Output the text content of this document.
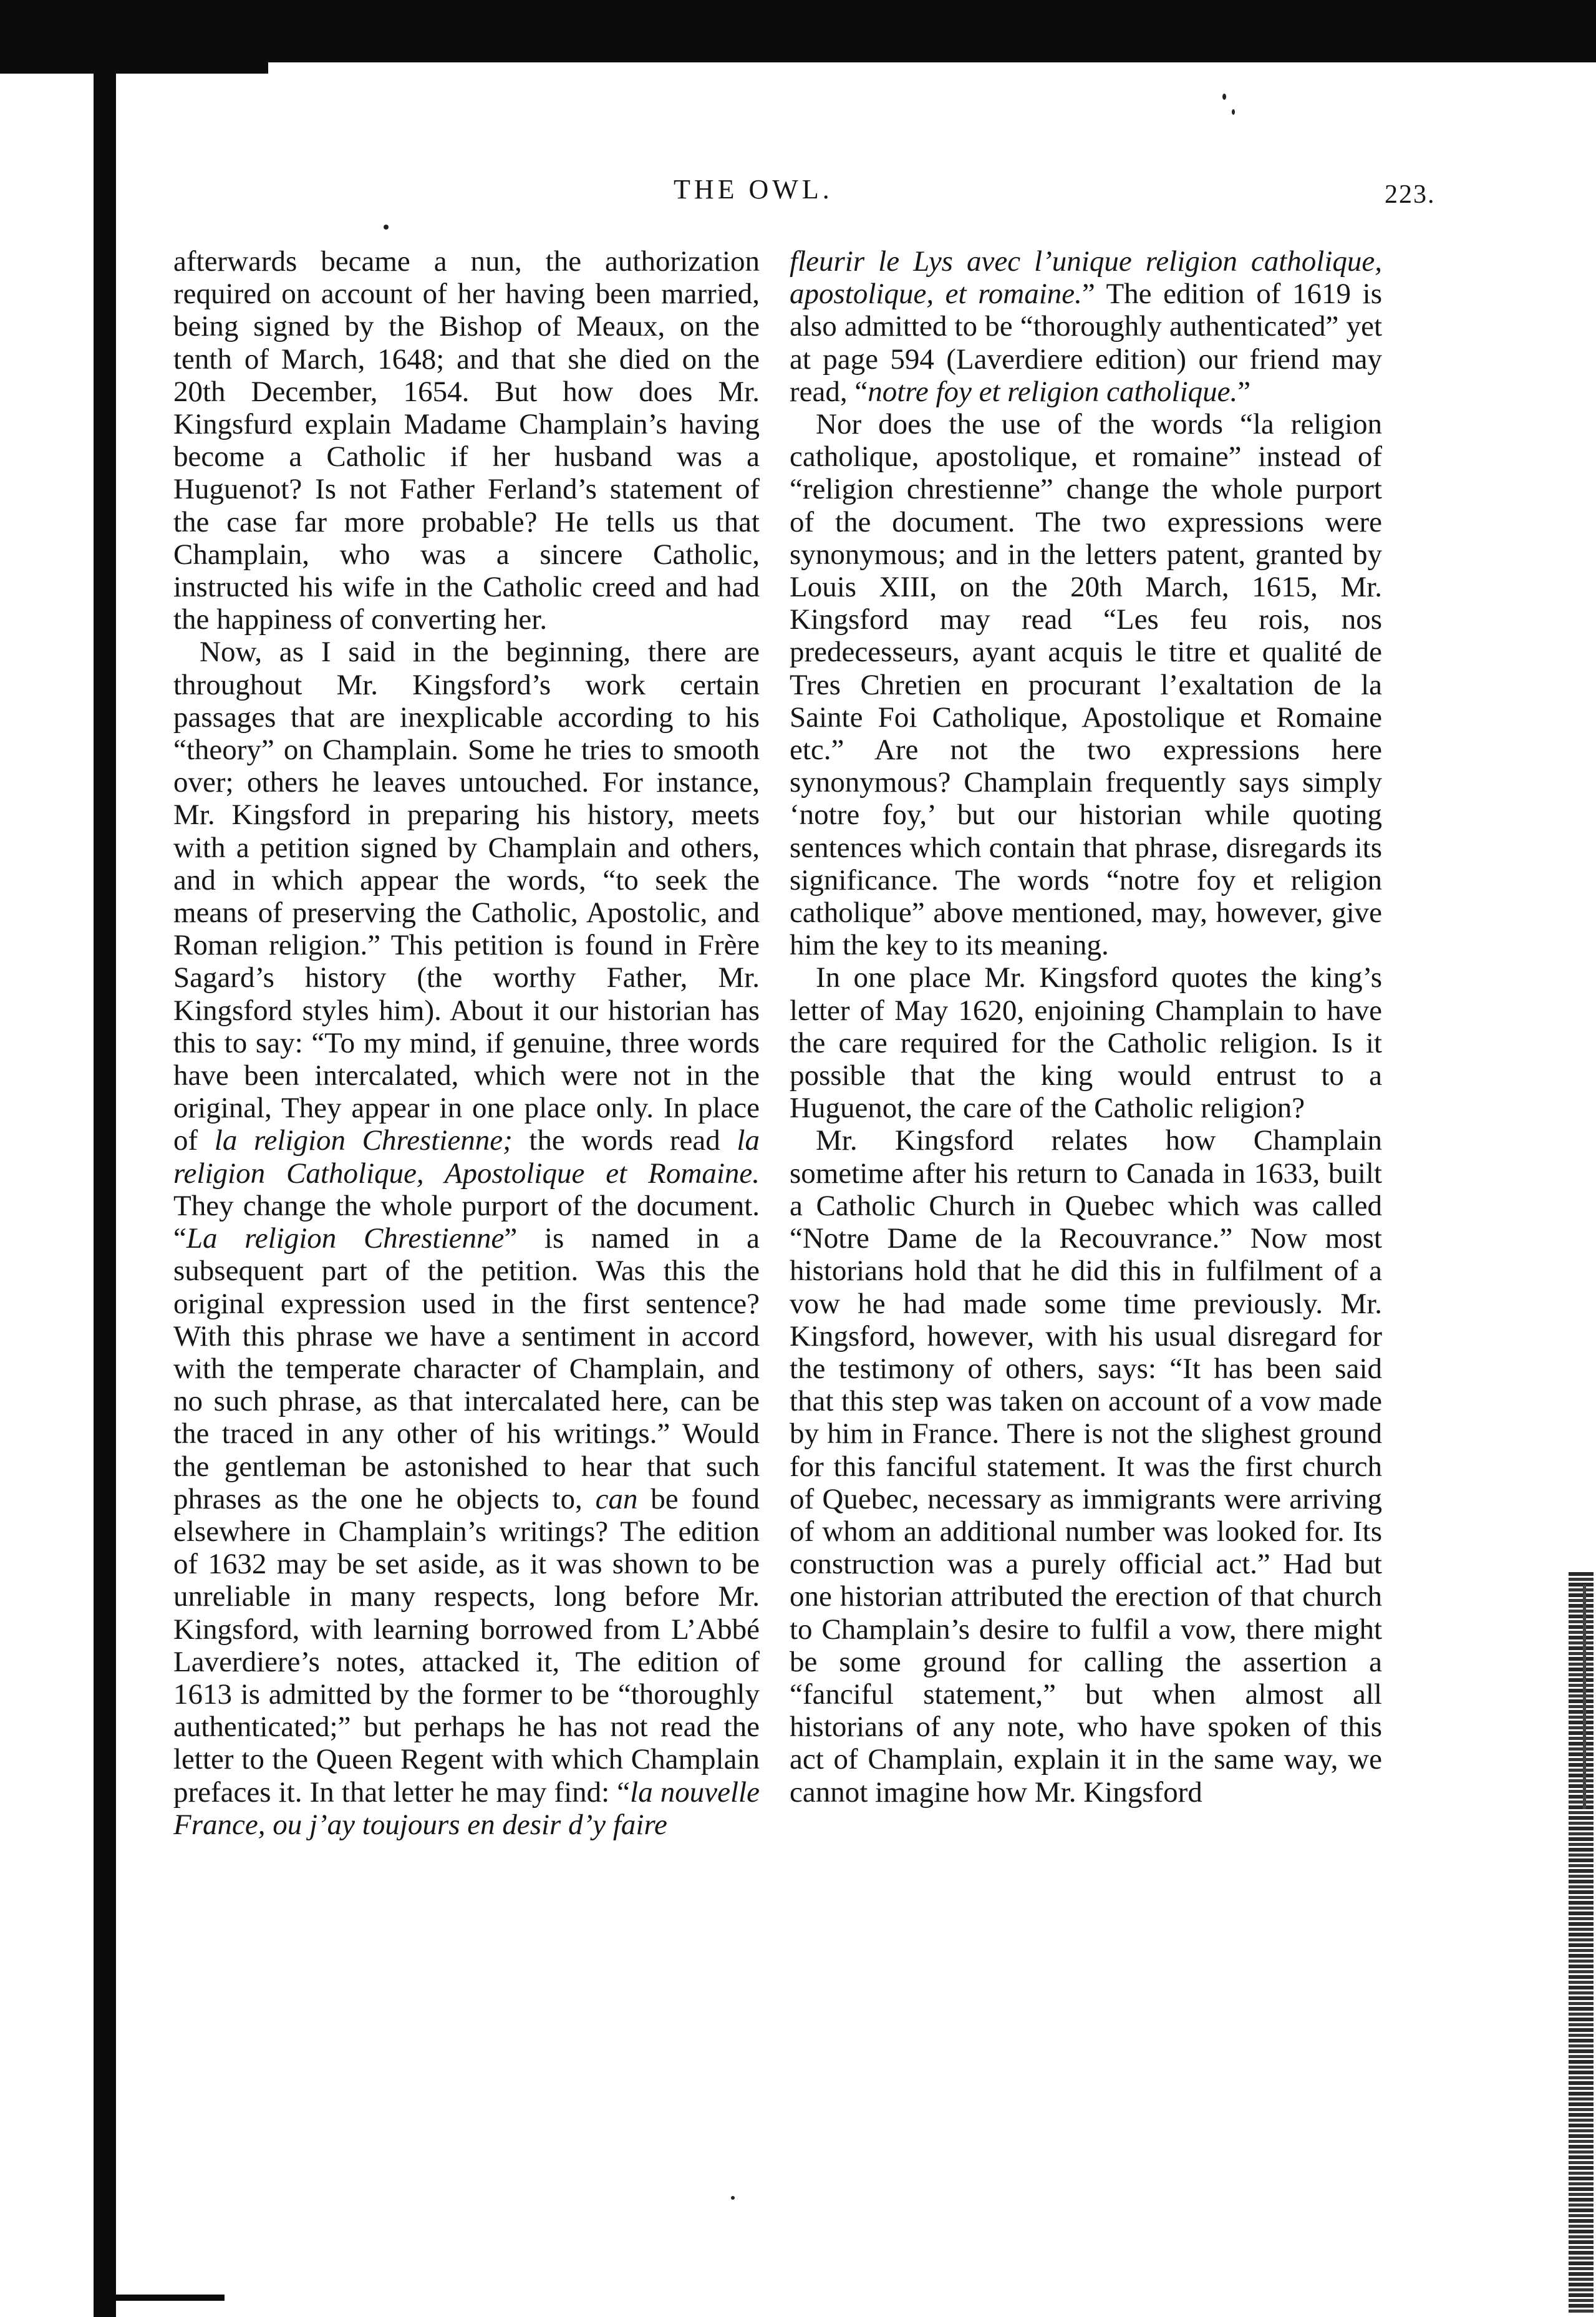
THE OWL.	223.

afterwards became a nun, the authorization required on account of her having been married, being signed by the Bishop of Meaux, on the tenth of March, 1648; and that she died on the 20th December, 1654. But how does Mr. Kingsfurd explain Madame Champlain’s having become a Catholic if her husband was a Huguenot? Is not Father Ferland’s statement of the case far more probable? He tells us that Champlain, who was a sincere Catholic, instructed his wife in the Catholic creed and had the happiness of converting her.

Now, as I said in the beginning, there are throughout Mr. Kingsford’s work certain passages that are inexplicable according to his “theory” on Champlain. Some he tries to smooth over; others he leaves untouched. For instance, Mr. Kingsford in preparing his history, meets with a petition signed by Champlain and others, and in which appear the words, “to seek the means of preserving the Catholic, Apostolic, and Roman religion.” This petition is found in Frère Sagard’s history (the worthy Father, Mr. Kingsford styles him). About it our historian has this to say: “To my mind, if genuine, three words have been intercalated, which were not in the original, They appear in one place only. In place of la religion Chrestienne; the words read la religion Catholique, Apostolique et Romaine. They change the whole purport of the document. “La religion Chrestienne” is named in a subsequent part of the petition. Was this the original expression used in the first sentence? With this phrase we have a sentiment in accord with the temperate character of Champlain, and no such phrase, as that intercalated here, can be the traced in any other of his writings.” Would the gentleman be astonished to hear that such phrases as the one he objects to, can be found elsewhere in Champlain’s writings? The edition of 1632 may be set aside, as it was shown to be unreliable in many respects, long before Mr. Kingsford, with learning borrowed from L’Abbé Laverdiere’s notes, attacked it, The edition of 1613 is admitted by the former to be “thoroughly authenticated;” but perhaps he has not read the letter to the Queen Regent with which Champlain prefaces it. In that letter he may find: “la nouvelle France, ou j’ay toujours en desir d’y faire

fleurir le Lys avec l’unique religion catholique, apostolique, et romaine.” The edition of 1619 is also admitted to be “thoroughly authenticated” yet at page 594 (Laverdiere edition) our friend may read, “notre foy et religion catholique.”

Nor does the use of the words “la religion catholique, apostolique, et romaine” instead of “religion chrestienne” change the whole purport of the document. The two expressions were synonymous; and in the letters patent, granted by Louis XIII, on the 20th March, 1615, Mr. Kingsford may read “Les feu rois, nos predecesseurs, ayant acquis le titre et qualité de Tres Chretien en procurant l’exaltation de la Sainte Foi Catholique, Apostolique et Romaine etc.” Are not the two expressions here synonymous? Champlain frequently says simply ‘notre foy,’ but our historian while quoting sentences which contain that phrase, disregards its significance. The words “notre foy et religion catholique” above mentioned, may, however, give him the key to its meaning.

In one place Mr. Kingsford quotes the king’s letter of May 1620, enjoining Champlain to have the care required for the Catholic religion. Is it possible that the king would entrust to a Huguenot, the care of the Catholic religion?

Mr. Kingsford relates how Champlain sometime after his return to Canada in 1633, built a Catholic Church in Quebec which was called “Notre Dame de la Recouvrance.” Now most historians hold that he did this in fulfilment of a vow he had made some time previously. Mr. Kingsford, however, with his usual disregard for the testimony of others, says: “It has been said that this step was taken on account of a vow made by him in France. There is not the slighest ground for this fanciful statement. It was the first church of Quebec, necessary as immigrants were arriving of whom an additional number was looked for. Its construction was a purely official act.” Had but one historian attributed the erection of that church to Champlain’s desire to fulfil a vow, there might be some ground for calling the assertion a “fanciful statement,” but when almost all historians of any note, who have spoken of this act of Champlain, explain it in the same way, we cannot imagine how Mr. Kingsford
